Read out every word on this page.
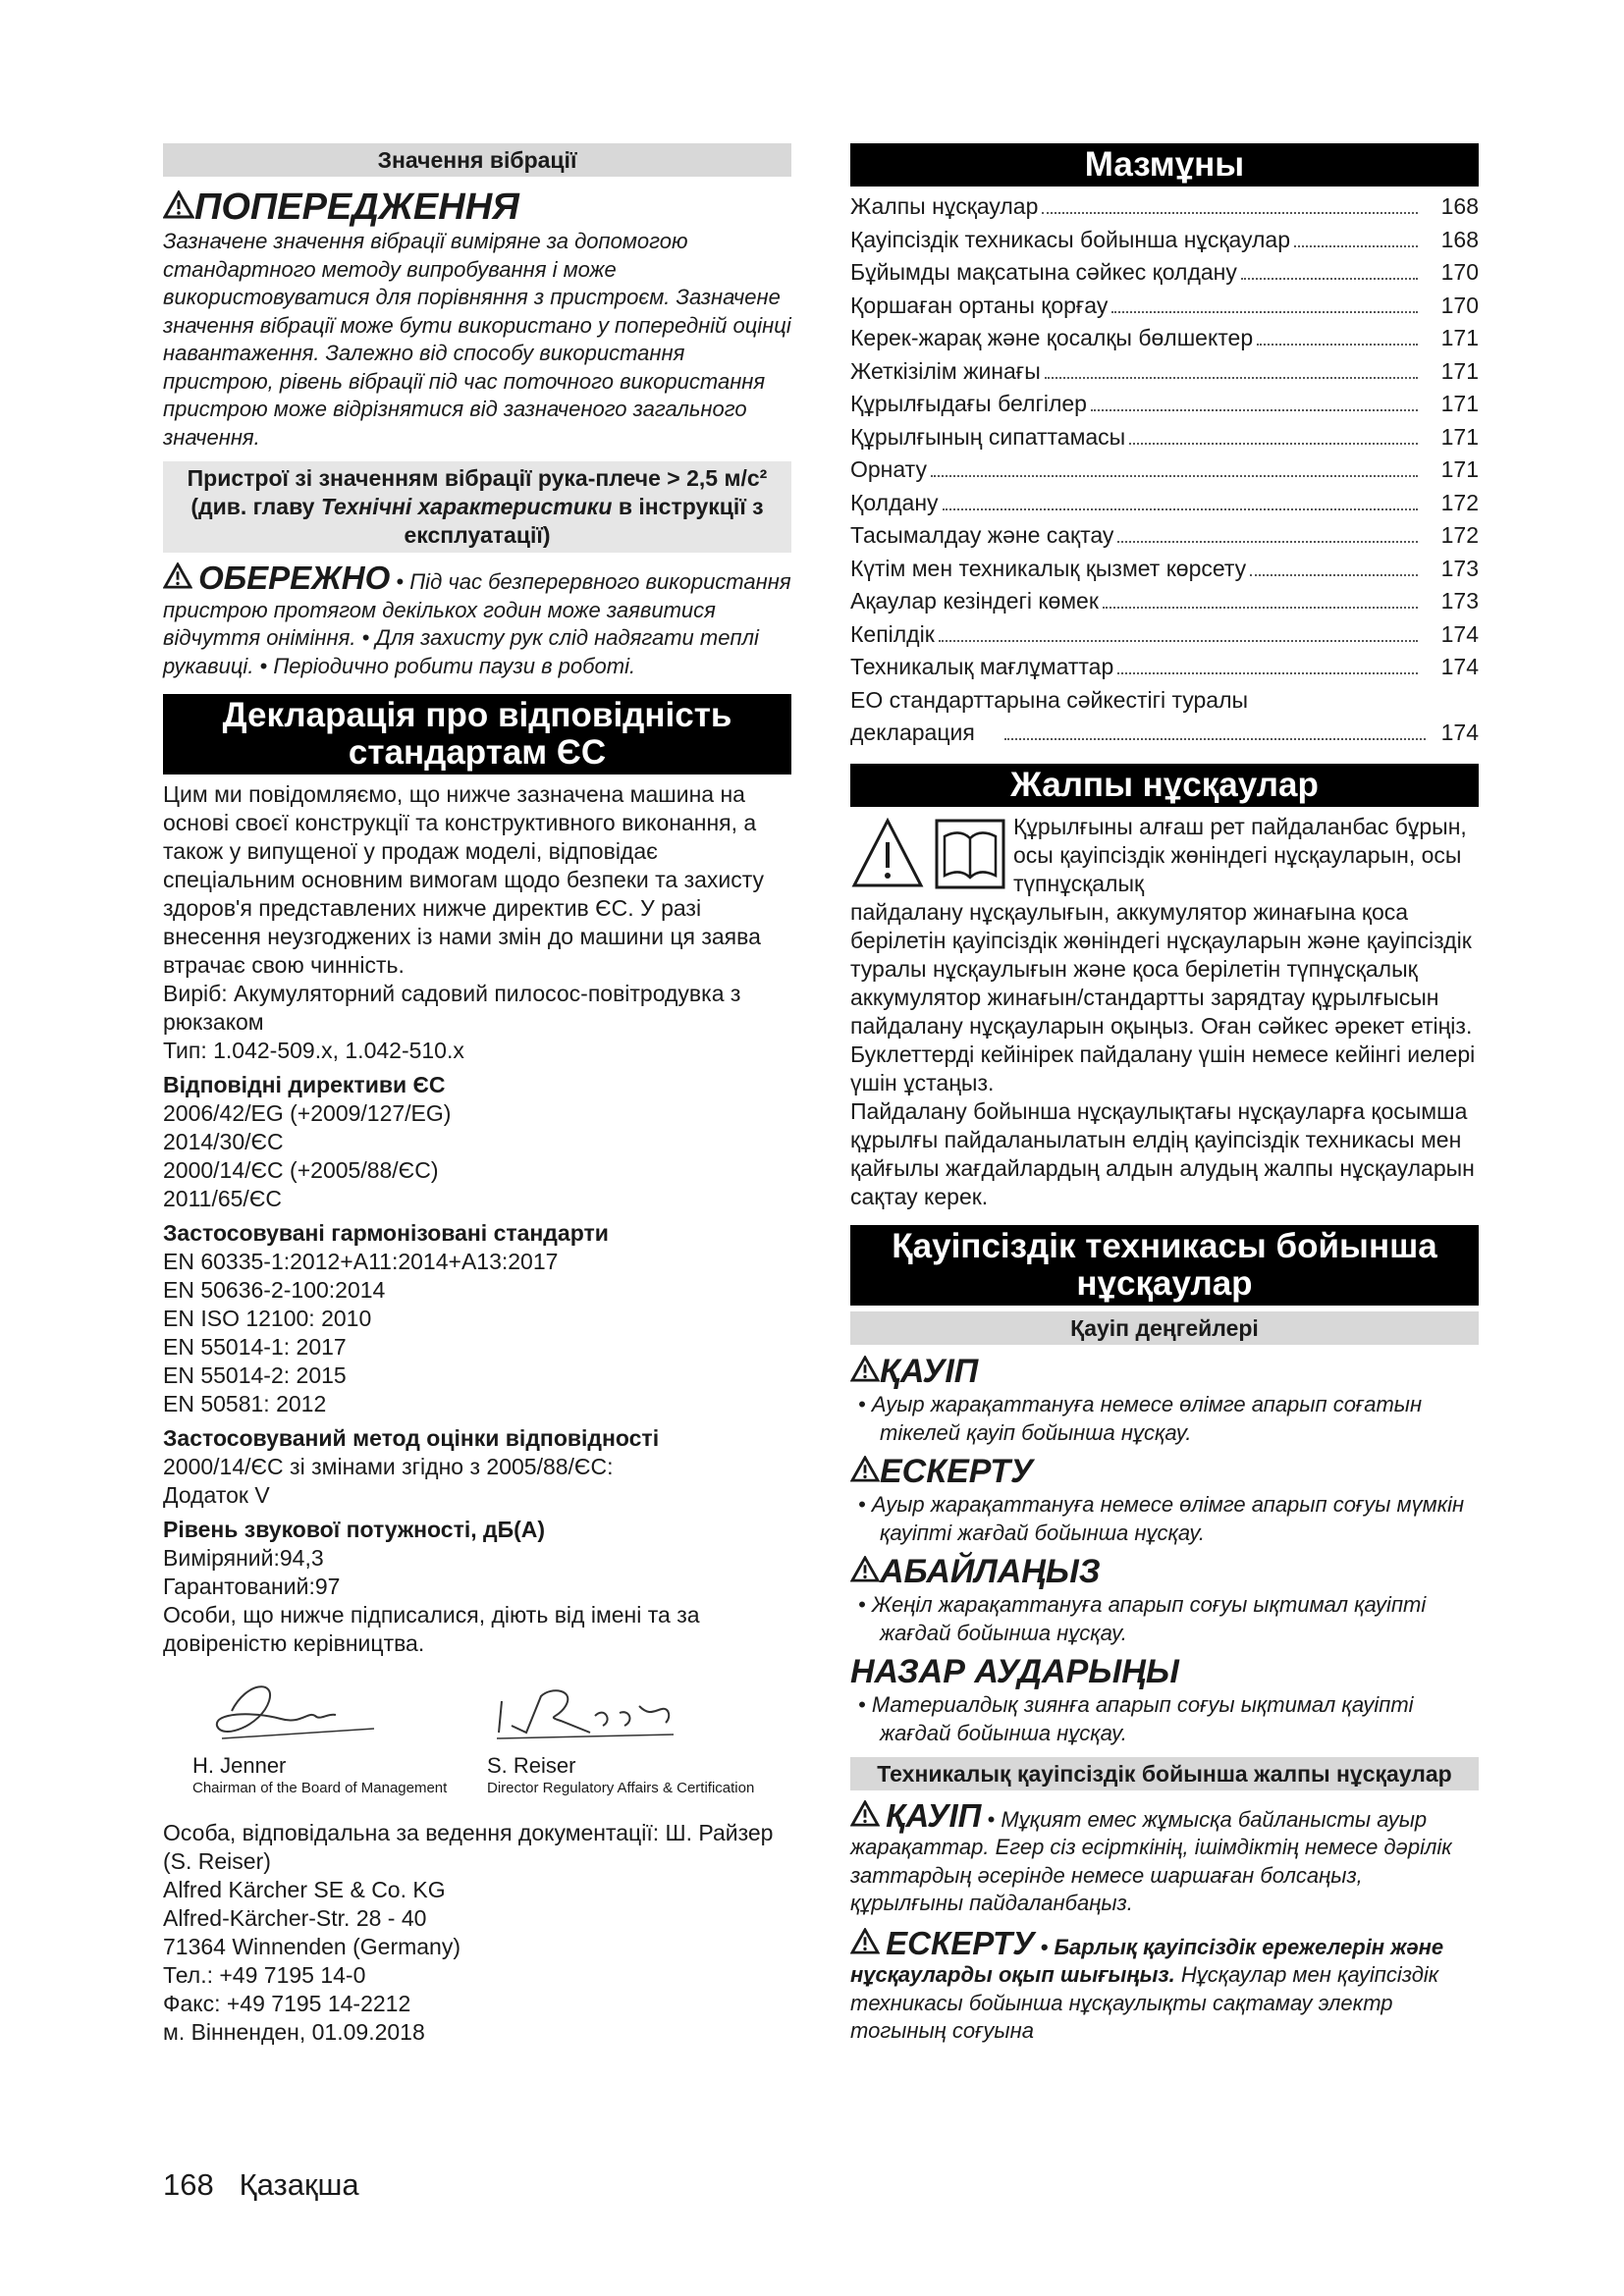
Значення вібрації
ПОПЕРЕДЖЕННЯ
Зазначене значення вібрації виміряне за допомогою стандартного методу випробування і може використовуватися для порівняння з пристроєм. Зазначене значення вібрації може бути використано у попередній оцінці навантаження. Залежно від способу використання пристрою, рівень вібрації під час поточного використання пристрою може відрізнятися від зазначеного загального значення.
Пристрої зі значенням вібрації рука-плече > 2,5 м/с² (див. главу Технічні характеристики в інструкції з експлуатації)
ОБЕРЕЖНО • Під час безперервного використання пристрою протягом декількох годин може заявитися відчуття оніміння. • Для захисту рук слід надягати теплі рукавиці. • Періодично робити паузи в роботі.
Декларація про відповідність стандартам ЄС
Цим ми повідомляємо, що нижче зазначена машина на основі своєї конструкції та конструктивного виконання, а також у випущеної у продаж моделі, відповідає спеціальним основним вимогам щодо безпеки та захисту здоров'я представлених нижче директив ЄС. У разі внесення неузгоджених із нами змін до машини ця заява втрачає свою чинність.
Виріб: Акумуляторний садовий пилосос-повітродувка з рюкзаком
Тип: 1.042-509.x, 1.042-510.x
Відповідні директиви ЄС
2006/42/EG (+2009/127/EG)
2014/30/ЄС
2000/14/ЄС (+2005/88/ЄС)
2011/65/ЄС
Застосовувані гармонізовані стандарти
EN 60335-1:2012+A11:2014+A13:2017
EN 50636-2-100:2014
EN ISO 12100: 2010
EN 55014-1: 2017
EN 55014-2: 2015
EN 50581: 2012
Застосовуваний метод оцінки відповідності
2000/14/ЄС зі змінами згідно з 2005/88/ЄС:
Додаток V
Рівень звукової потужності, дБ(A)
Виміряний:94,3
Гарантований:97
Особи, що нижче підписалися, діють від імені та за довіреністю керівництва.
H. Jenner
Chairman of the Board of Management
S. Reiser
Director Regulatory Affairs & Certification
Особа, відповідальна за ведення документації: Ш. Райзер (S. Reiser)
Alfred Kärcher SE & Co. KG
Alfred-Kärcher-Str. 28 - 40
71364 Winnenden (Germany)
Тел.: +49 7195 14-0
Факс: +49 7195 14-2212
м. Вінненден, 01.09.2018
Мазмұны
Жалпы нұсқаулар	168
Қауіпсіздік техникасы бойынша нұсқаулар	168
Бұйымды мақсатына сәйкес қолдану	170
Қоршаған ортаны қорғау	170
Керек-жарақ және қосалқы бөлшектер	171
Жеткізілім жинағы	171
Құрылғыдағы белгілер	171
Құрылғының сипаттамасы	171
Орнату	171
Қолдану	172
Тасымалдау және сақтау	172
Күтім мен техникалық қызмет көрсету	173
Ақаулар кезіндегі көмек	173
Кепілдік	174
Техникалық мағлұматтар	174
ЕО стандарттарына сәйкестігі туралы
декларация	174
Жалпы нұсқаулар
Құрылғыны алғаш рет пайдаланбас бұрын, осы қауіпсіздік жөніндегі нұсқауларын, осы түпнұсқалық
пайдалану нұсқаулығын, аккумулятор жинағына қоса берілетін қауіпсіздік жөніндегі нұсқауларын және қауіпсіздік туралы нұсқаулығын және қоса берілетін түпнұсқалық аккумулятор жинағын/стандартты зарядтау құрылғысын пайдалану нұсқауларын оқыңыз. Оған сәйкес әрекет етіңіз. Буклеттерді кейінірек пайдалану үшін немесе кейінгі иелері үшін ұстаңыз.
Пайдалану бойынша нұсқаулықтағы нұсқауларға қосымша құрылғы пайдаланылатын елдің қауіпсіздік техникасы мен қайғылы жағдайлардың алдын алудың жалпы нұсқауларын сақтау керек.
Қауіпсіздік техникасы бойынша нұсқаулар
Қауіп деңгейлері
ҚАУІП
• Ауыр жарақаттануға немесе өлімге апарып соғатын тікелей қауіп бойынша нұсқау.
ЕСКЕРТУ
• Ауыр жарақаттануға немесе өлімге апарып соғуы мүмкін қауіпті жағдай бойынша нұсқау.
АБАЙЛАҢЫЗ
• Жеңіл жарақаттануға апарып соғуы ықтимал қауіпті жағдай бойынша нұсқау.
НАЗАР АУДАРЫҢЫ
• Материалдық зиянға апарып соғуы ықтимал қауіпті жағдай бойынша нұсқау.
Техникалық қауіпсіздік бойынша жалпы нұсқаулар
ҚАУІП • Мұқият емес жұмысқа байланысты ауыр жарақаттар. Егер сіз есірткінің, ішімдіктің немесе дәрілік заттардың әсерінде немесе шаршаған болсаңыз, құрылғыны пайдаланбаңыз.
ЕСКЕРТУ • Барлық қауіпсіздік ережелерін және нұсқауларды оқып шығыңыз. Нұсқаулар мен қауіпсіздік техникасы бойынша нұсқаулықты сақтамау электр тогының соғуына
168 Қазақша
